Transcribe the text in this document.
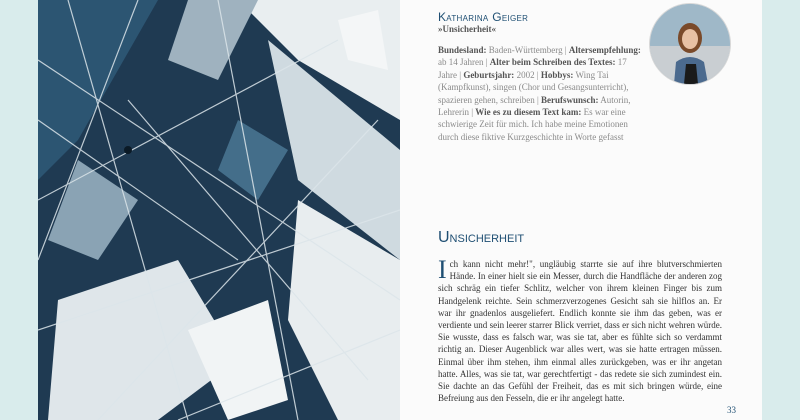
Katharina Geiger
»Unsicherheit«
Bundesland: Baden-Württemberg | Altersempfehlung: ab 14 Jahren | Alter beim Schreiben des Textes: 17 Jahre | Geburtsjahr: 2002 | Hobbys: Wing Tai (Kampfkunst), singen (Chor und Gesangsunterricht), spazieren gehen, schreiben | Berufswunsch: Autorin, Lehrerin | Wie es zu diesem Text kam: Es war eine schwierige Zeit für mich. Ich habe meine Emotionen durch diese fiktive Kurzgeschichte in Worte gefasst
Unsicherheit
Ich kann nicht mehr!", ungläubig starrte sie auf ihre blutverschmierten Hände. In einer hielt sie ein Messer, durch die Handfläche der anderen zog sich schräg ein tiefer Schlitz, welcher von ihrem kleinen Finger bis zum Handgelenk reichte. Sein schmerzverzogenes Gesicht sah sie hilflos an. Er war ihr gnadenlos ausgeliefert. Endlich konnte sie ihm das geben, was er verdiente und sein leerer starrer Blick verriet, dass er sich nicht wehren würde. Sie wusste, dass es falsch war, was sie tat, aber es fühlte sich so verdammt richtig an. Dieser Augenblick war alles wert, was sie hatte ertragen müssen. Einmal über ihm stehen, ihm einmal alles zurückgeben, was er ihr angetan hatte. Alles, was sie tat, war gerechtfertigt - das redete sie sich zumindest ein. Sie dachte an das Gefühl der Freiheit, das es mit sich bringen würde, eine Befreiung aus den Fesseln, die er ihr angelegt hatte.
33
